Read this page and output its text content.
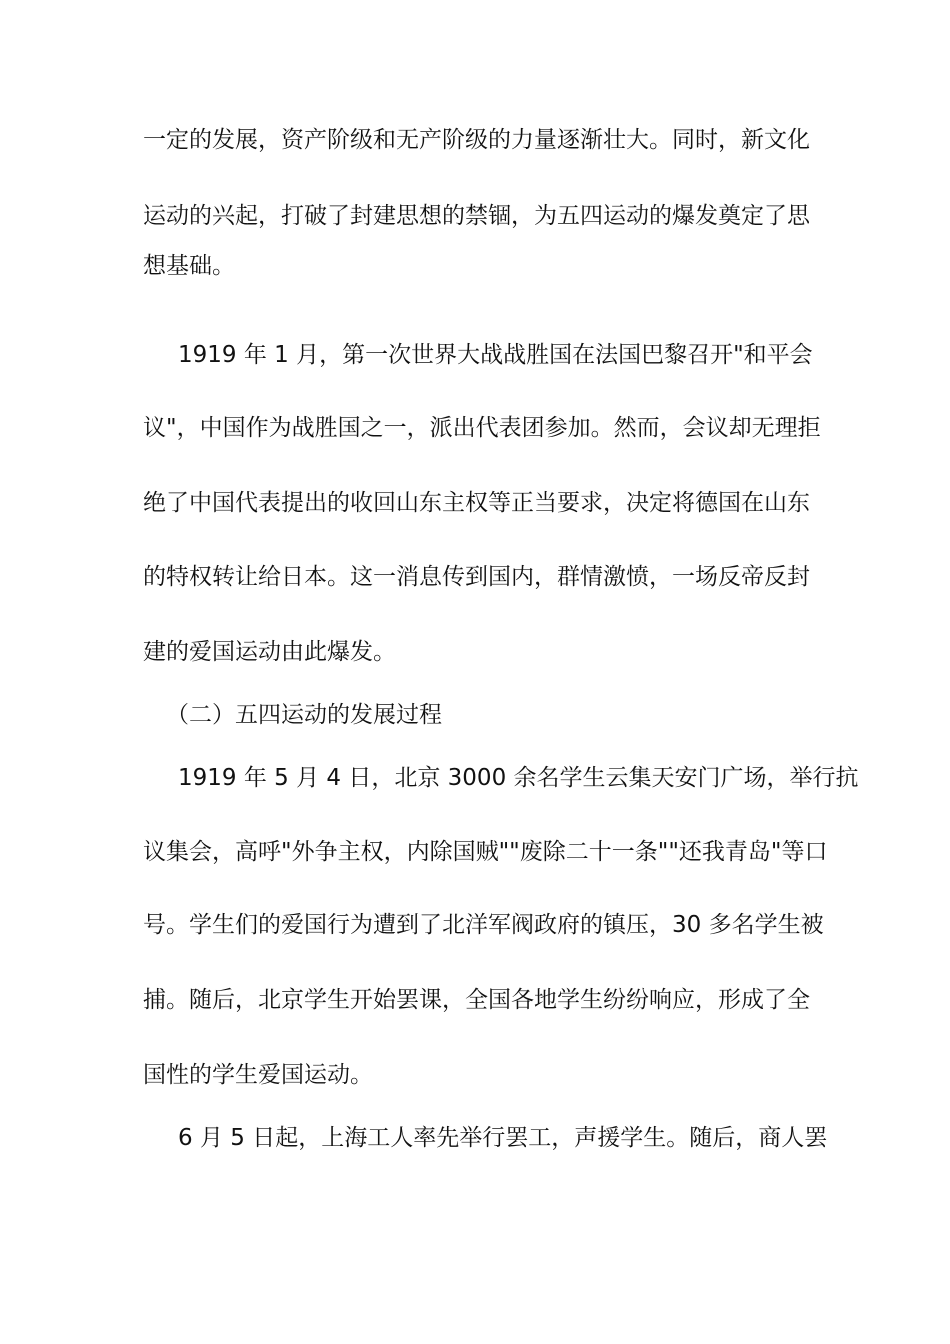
一定的发展，资产阶级和无产阶级的力量逐渐壮大。同时，新文化
运动的兴起，打破了封建思想的禁锢，为五四运动的爆发奠定了思
想基础。
1919 年 1 月，第一次世界大战战胜国在法国巴黎召开"和平会
议"，中国作为战胜国之一，派出代表团参加。然而，会议却无理拒
绝了中国代表提出的收回山东主权等正当要求，决定将德国在山东
的特权转让给日本。这一消息传到国内，群情激愤，一场反帝反封
建的爱国运动由此爆发。
（二）五四运动的发展过程
1919 年 5 月 4 日，北京 3000 余名学生云集天安门广场，举行抗
议集会，高呼"外争主权，内除国贼""废除二十一条""还我青岛"等口
号。学生们的爱国行为遭到了北洋军阀政府的镇压，30 多名学生被
捕。随后，北京学生开始罢课，全国各地学生纷纷响应，形成了全
国性的学生爱国运动。
6 月 5 日起，上海工人率先举行罢工，声援学生。随后，商人罢
